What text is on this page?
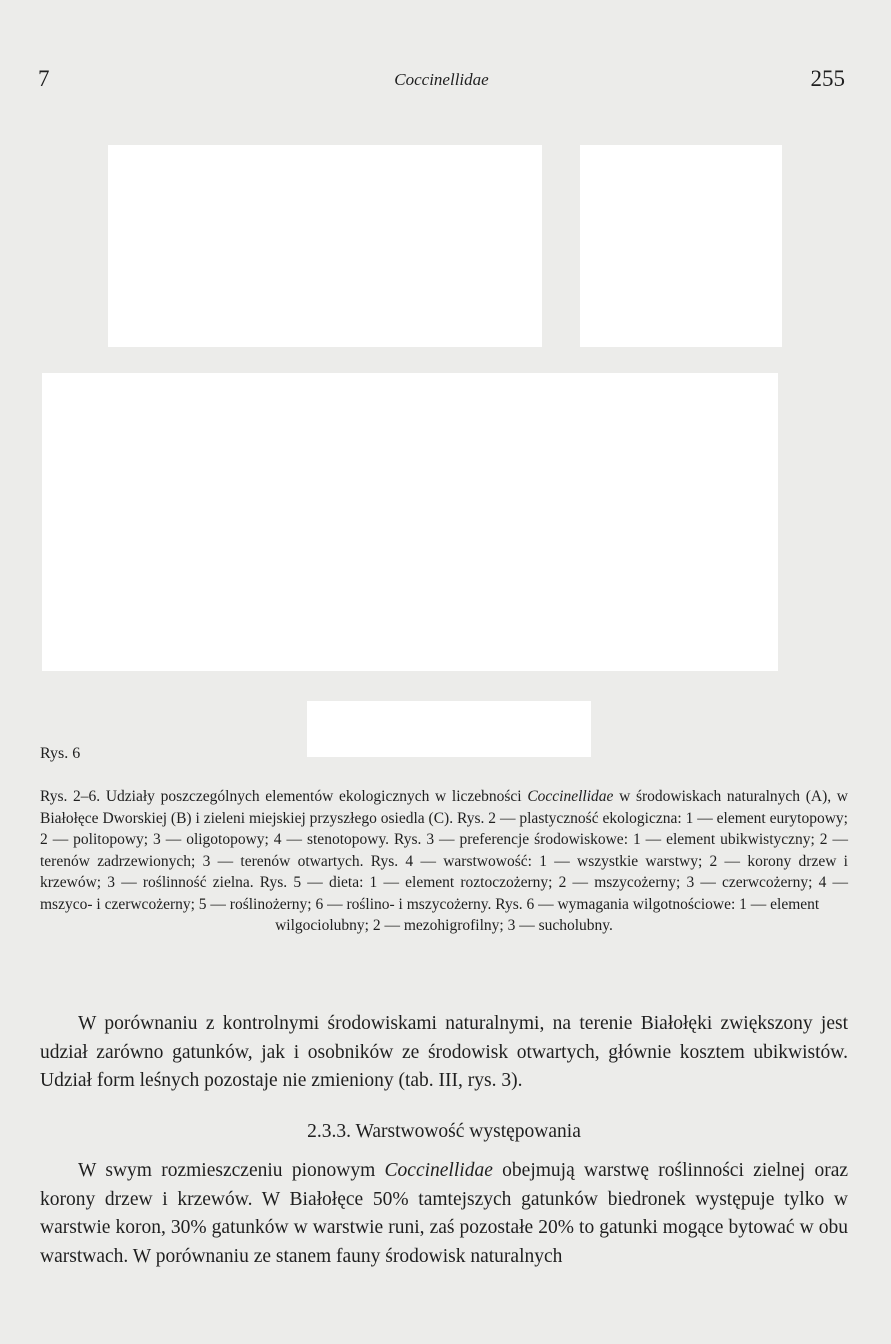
7	Coccinellidae	255
Rys. 6

Rys. 2–6. Udziały poszczególnych elementów ekologicznych w liczebności Coccinellidae w środowiskach naturalnych (A), w Białołęce Dworskiej (B) i zieleni miejskiej przyszłego osiedla (C). Rys. 2 — plastyczność ekologiczna: 1 — element eurytopowy; 2 — politopowy; 3 — oligotopowy; 4 — stenotopowy. Rys. 3 — preferencje środowiskowe: 1 — element ubikwistyczny; 2 — terenów zadrzewionych; 3 — terenów otwartych. Rys. 4 — warstwowość: 1 — wszystkie warstwy; 2 — korony drzew i krzewów; 3 — roślinność zielna. Rys. 5 — dieta: 1 — element roztoczożerny; 2 — mszycożerny; 3 — czerwcożerny; 4 — mszyco- i czerwcożerny; 5 — roślinożerny; 6 — roślino- i mszycożerny. Rys. 6 — wymagania wilgotnościowe: 1 — element

wilgociolubny; 2 — mezohigrofilny; 3 — sucholubny.

W porównaniu z kontrolnymi środowiskami naturalnymi, na terenie Białołęki zwiększony jest udział zarówno gatunków, jak i osobników ze środowisk otwartych, głównie kosztem ubikwistów. Udział form leśnych pozostaje nie zmieniony (tab. III, rys. 3).

2.3.3. Warstwowość występowania

W swym rozmieszczeniu pionowym Coccinellidae obejmują warstwę roślinności zielnej oraz korony drzew i krzewów. W Białołęce 50% tamtejszych gatunków biedronek występuje tylko w warstwie koron, 30% gatunków w warstwie runi, zaś pozostałe 20% to gatunki mogące bytować w obu warstwach. W porównaniu ze stanem fauny środowisk naturalnych
